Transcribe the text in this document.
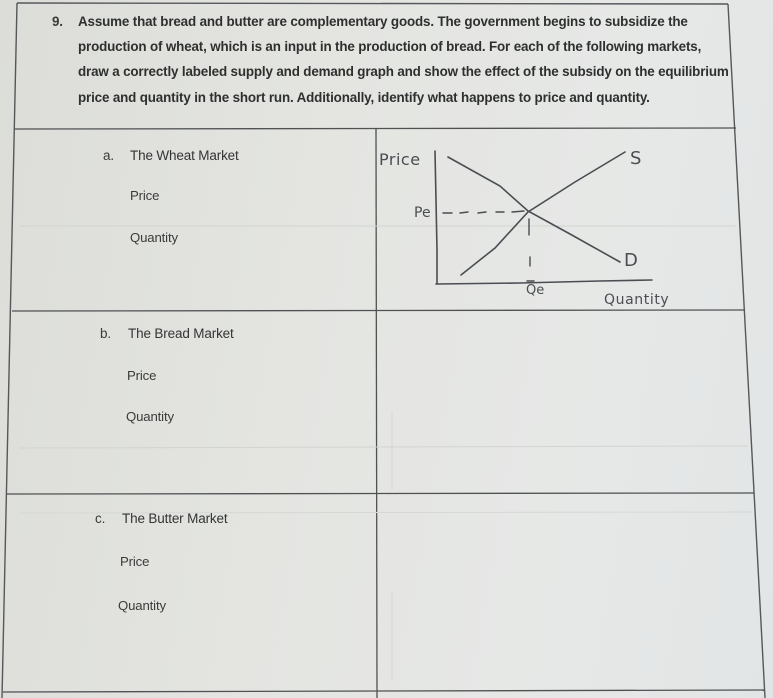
9. Assume that bread and butter are complementary goods. The government begins to subsidize the
production of wheat, which is an input in the production of bread. For each of the following markets,
draw a correctly labeled supply and demand graph and show the effect of the subsidy on the equilibrium
price and quantity in the short run. Additionally, identify what happens to price and quantity.
a. The Wheat Market
Price
Quantity
b. The Bread Market
Price
Quantity
c. The Butter Market
Price
Quantity
Price	S
Pe
D
Qe
Quantity
